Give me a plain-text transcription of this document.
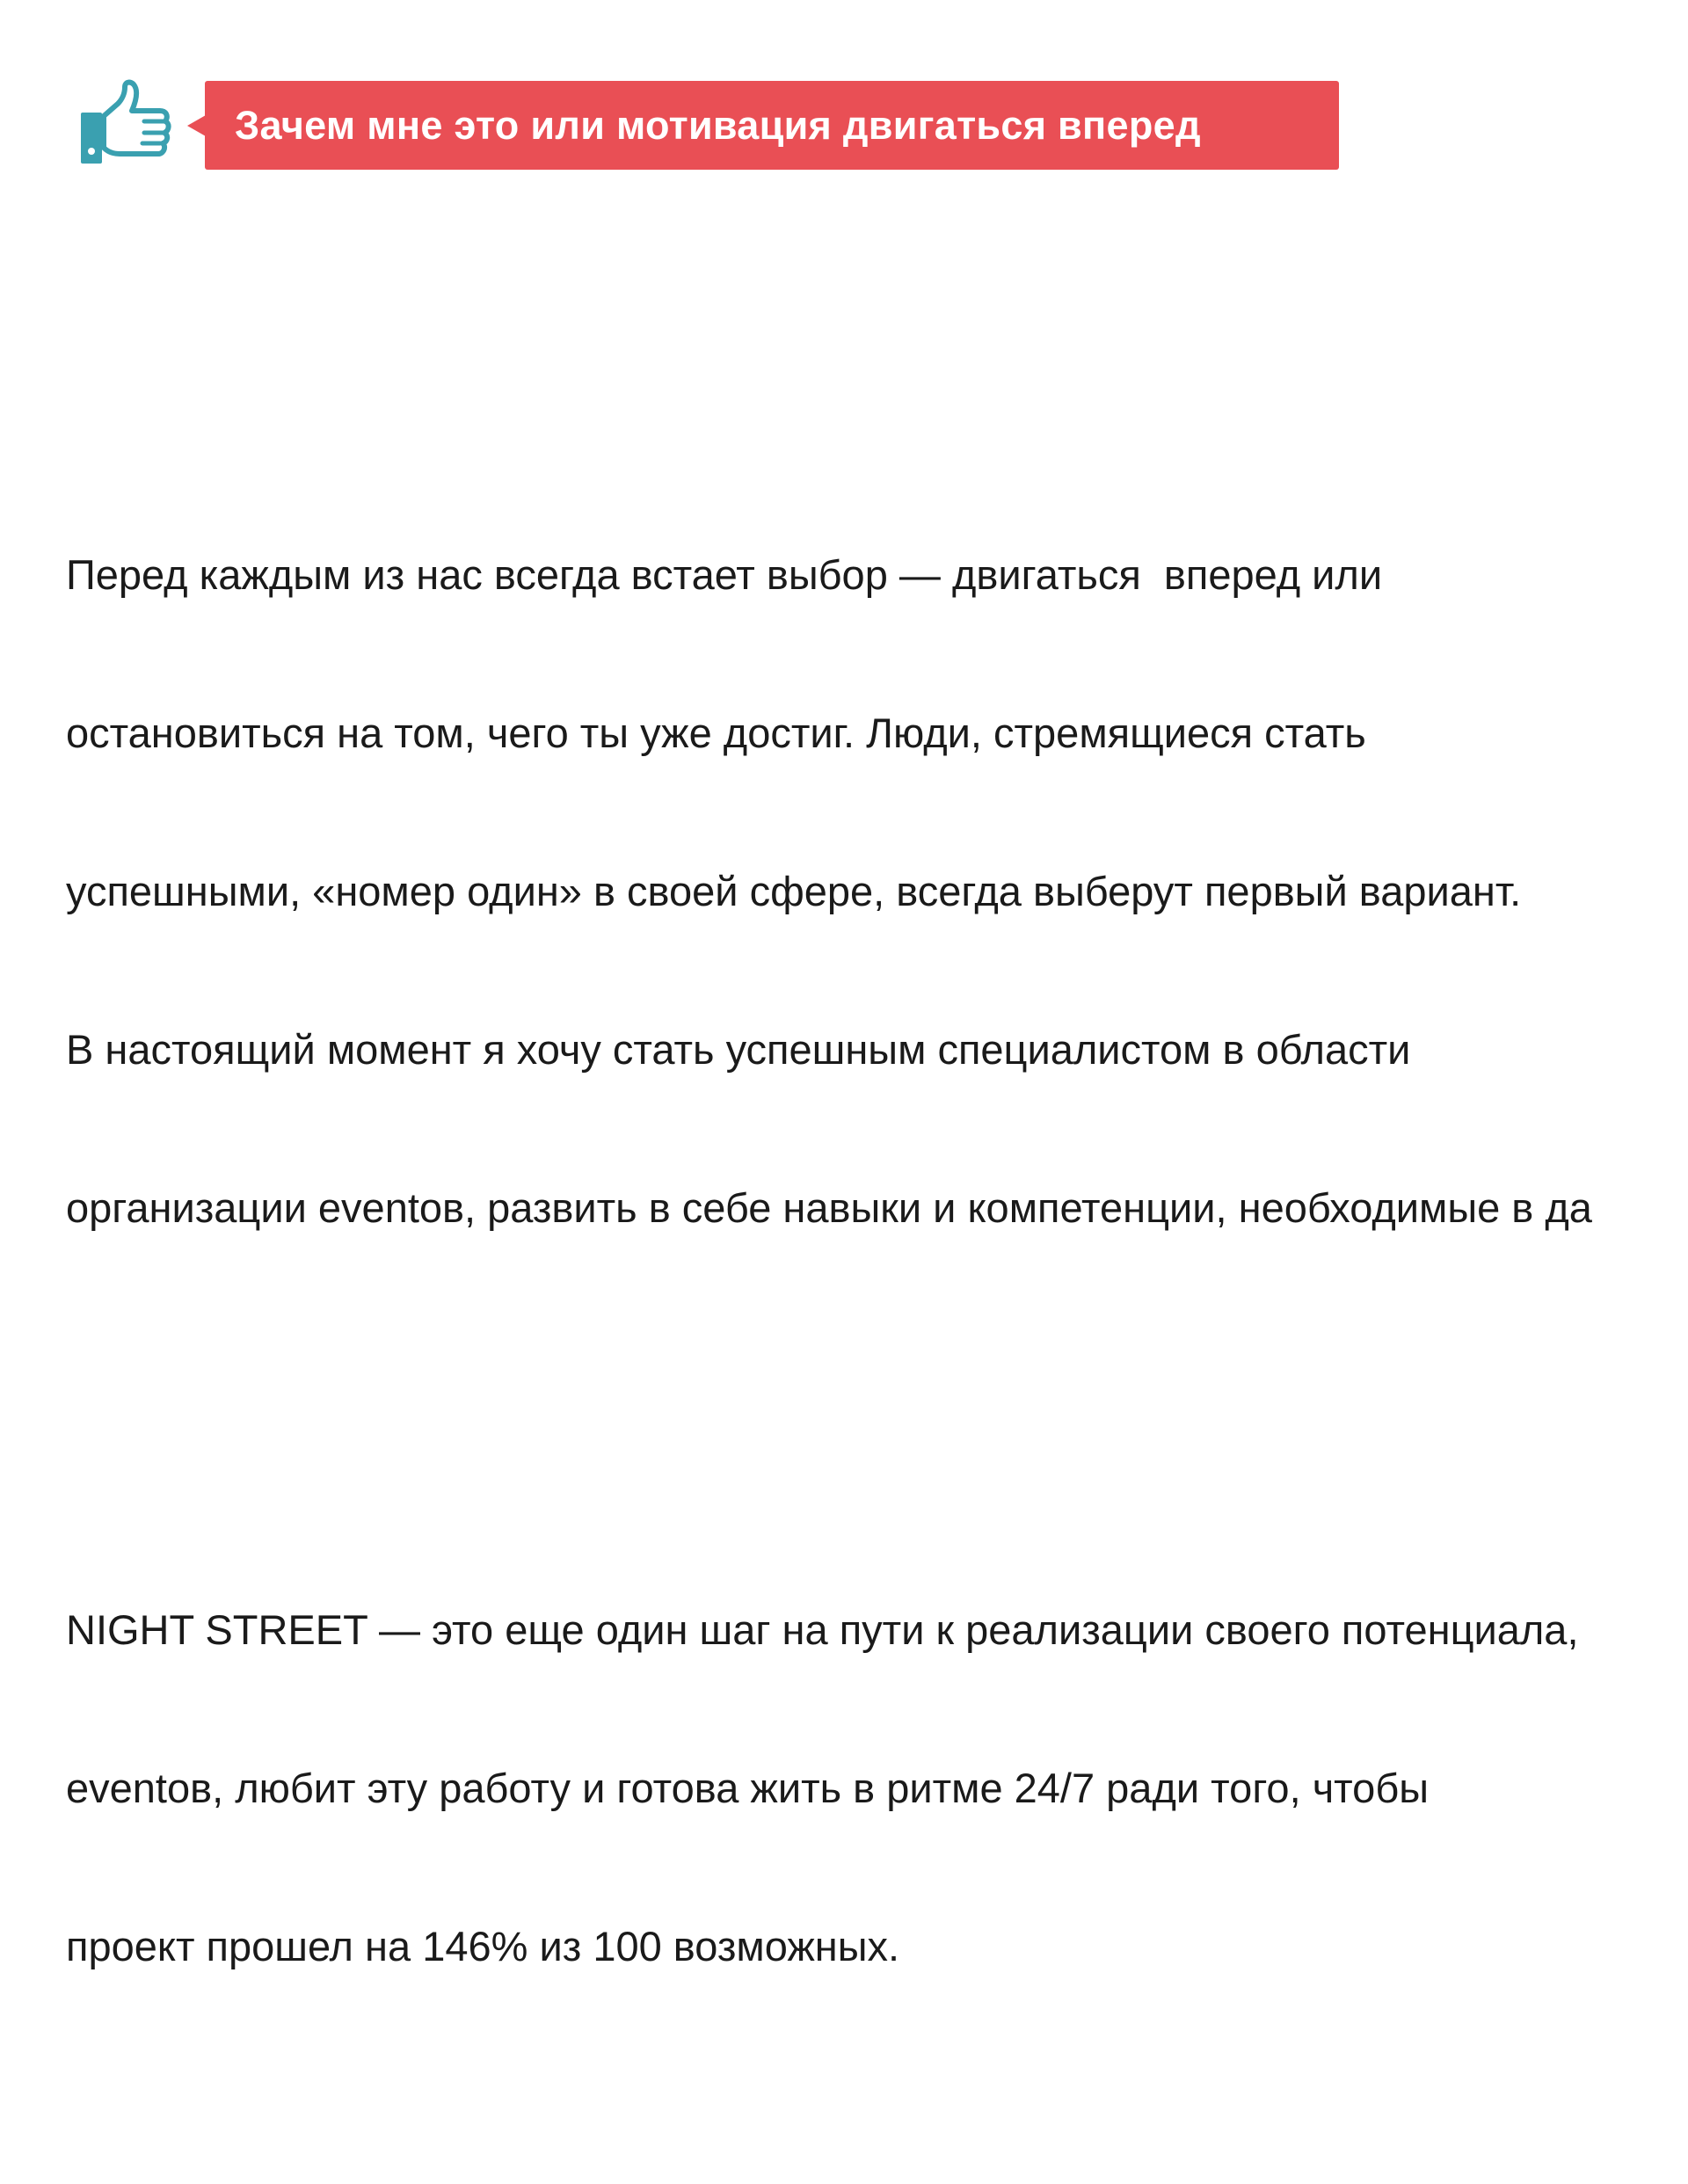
Зачем мне это или мотивация двигаться вперед

Перед каждым из нас всегда встает выбор — двигаться  вперед или

остановиться на том, чего ты уже достиг. Люди, стремящиеся стать

успешными, «номер один» в своей сфере, всегда выберут первый вариант.

В настоящий момент я хочу стать успешным специалистом в области

организации eventов, развить в себе навыки и компетенции, необходимые в да

NIGHT STREET — это еще один шаг на пути к реализации своего потенциала,

eventов, любит эту работу и готова жить в ритме 24/7 ради того, чтобы

проект прошел на 146% из 100 возможных.
